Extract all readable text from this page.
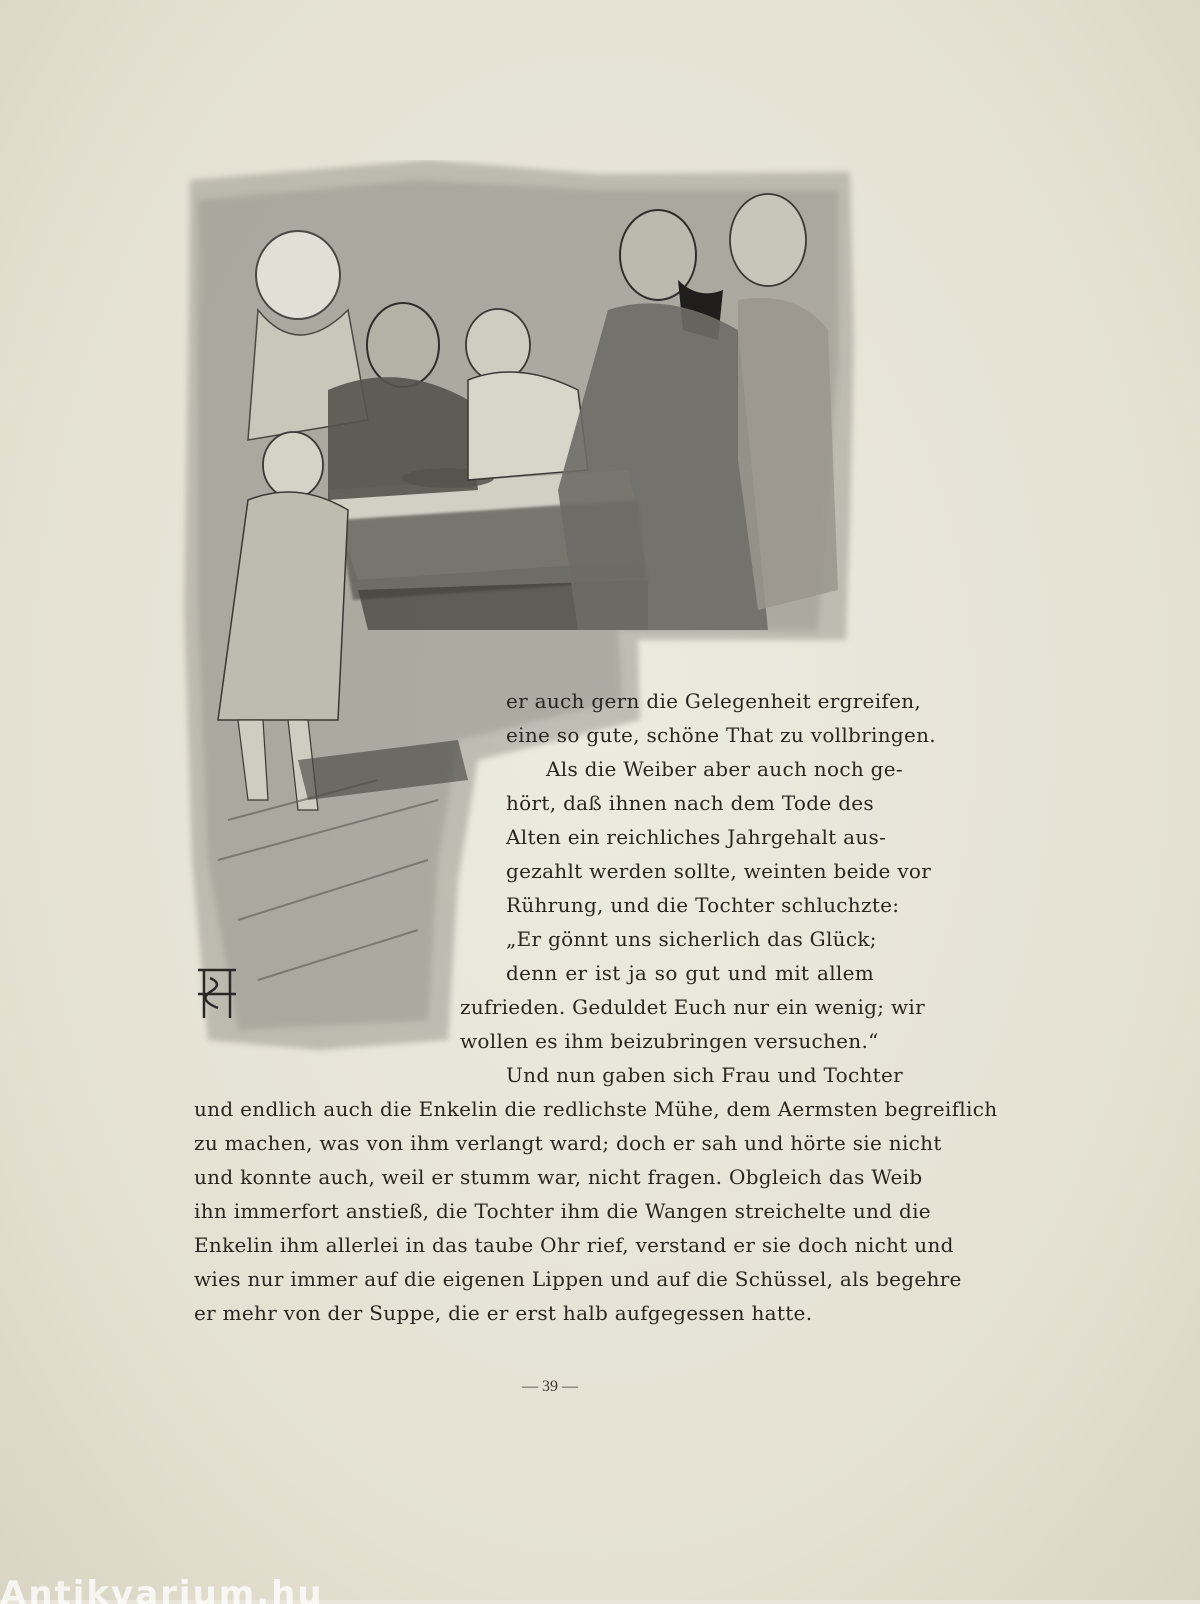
er auch gern die Gelegenheit ergreifen,
eine so gute, schöne That zu vollbringen.
Als die Weiber aber auch noch ge-
hört, daß ihnen nach dem Tode des
Alten ein reichliches Jahrgehalt aus-
gezahlt werden sollte, weinten beide vor
Rührung, und die Tochter schluchzte:
„Er gönnt uns sicherlich das Glück;
denn er ist ja so gut und mit allem
zufrieden. Geduldet Euch nur ein wenig; wir
wollen es ihm beizubringen versuchen.“
Und nun gaben sich Frau und Tochter
und endlich auch die Enkelin die redlichste Mühe, dem Aermsten begreiflich
zu machen, was von ihm verlangt ward; doch er sah und hörte sie nicht
und konnte auch, weil er stumm war, nicht fragen. Obgleich das Weib
ihn immerfort anstieß, die Tochter ihm die Wangen streichelte und die
Enkelin ihm allerlei in das taube Ohr rief, verstand er sie doch nicht und
wies nur immer auf die eigenen Lippen und auf die Schüssel, als begehre
er mehr von der Suppe, die er erst halb aufgegessen hatte.
— 39 —
Antikvarium.hu
